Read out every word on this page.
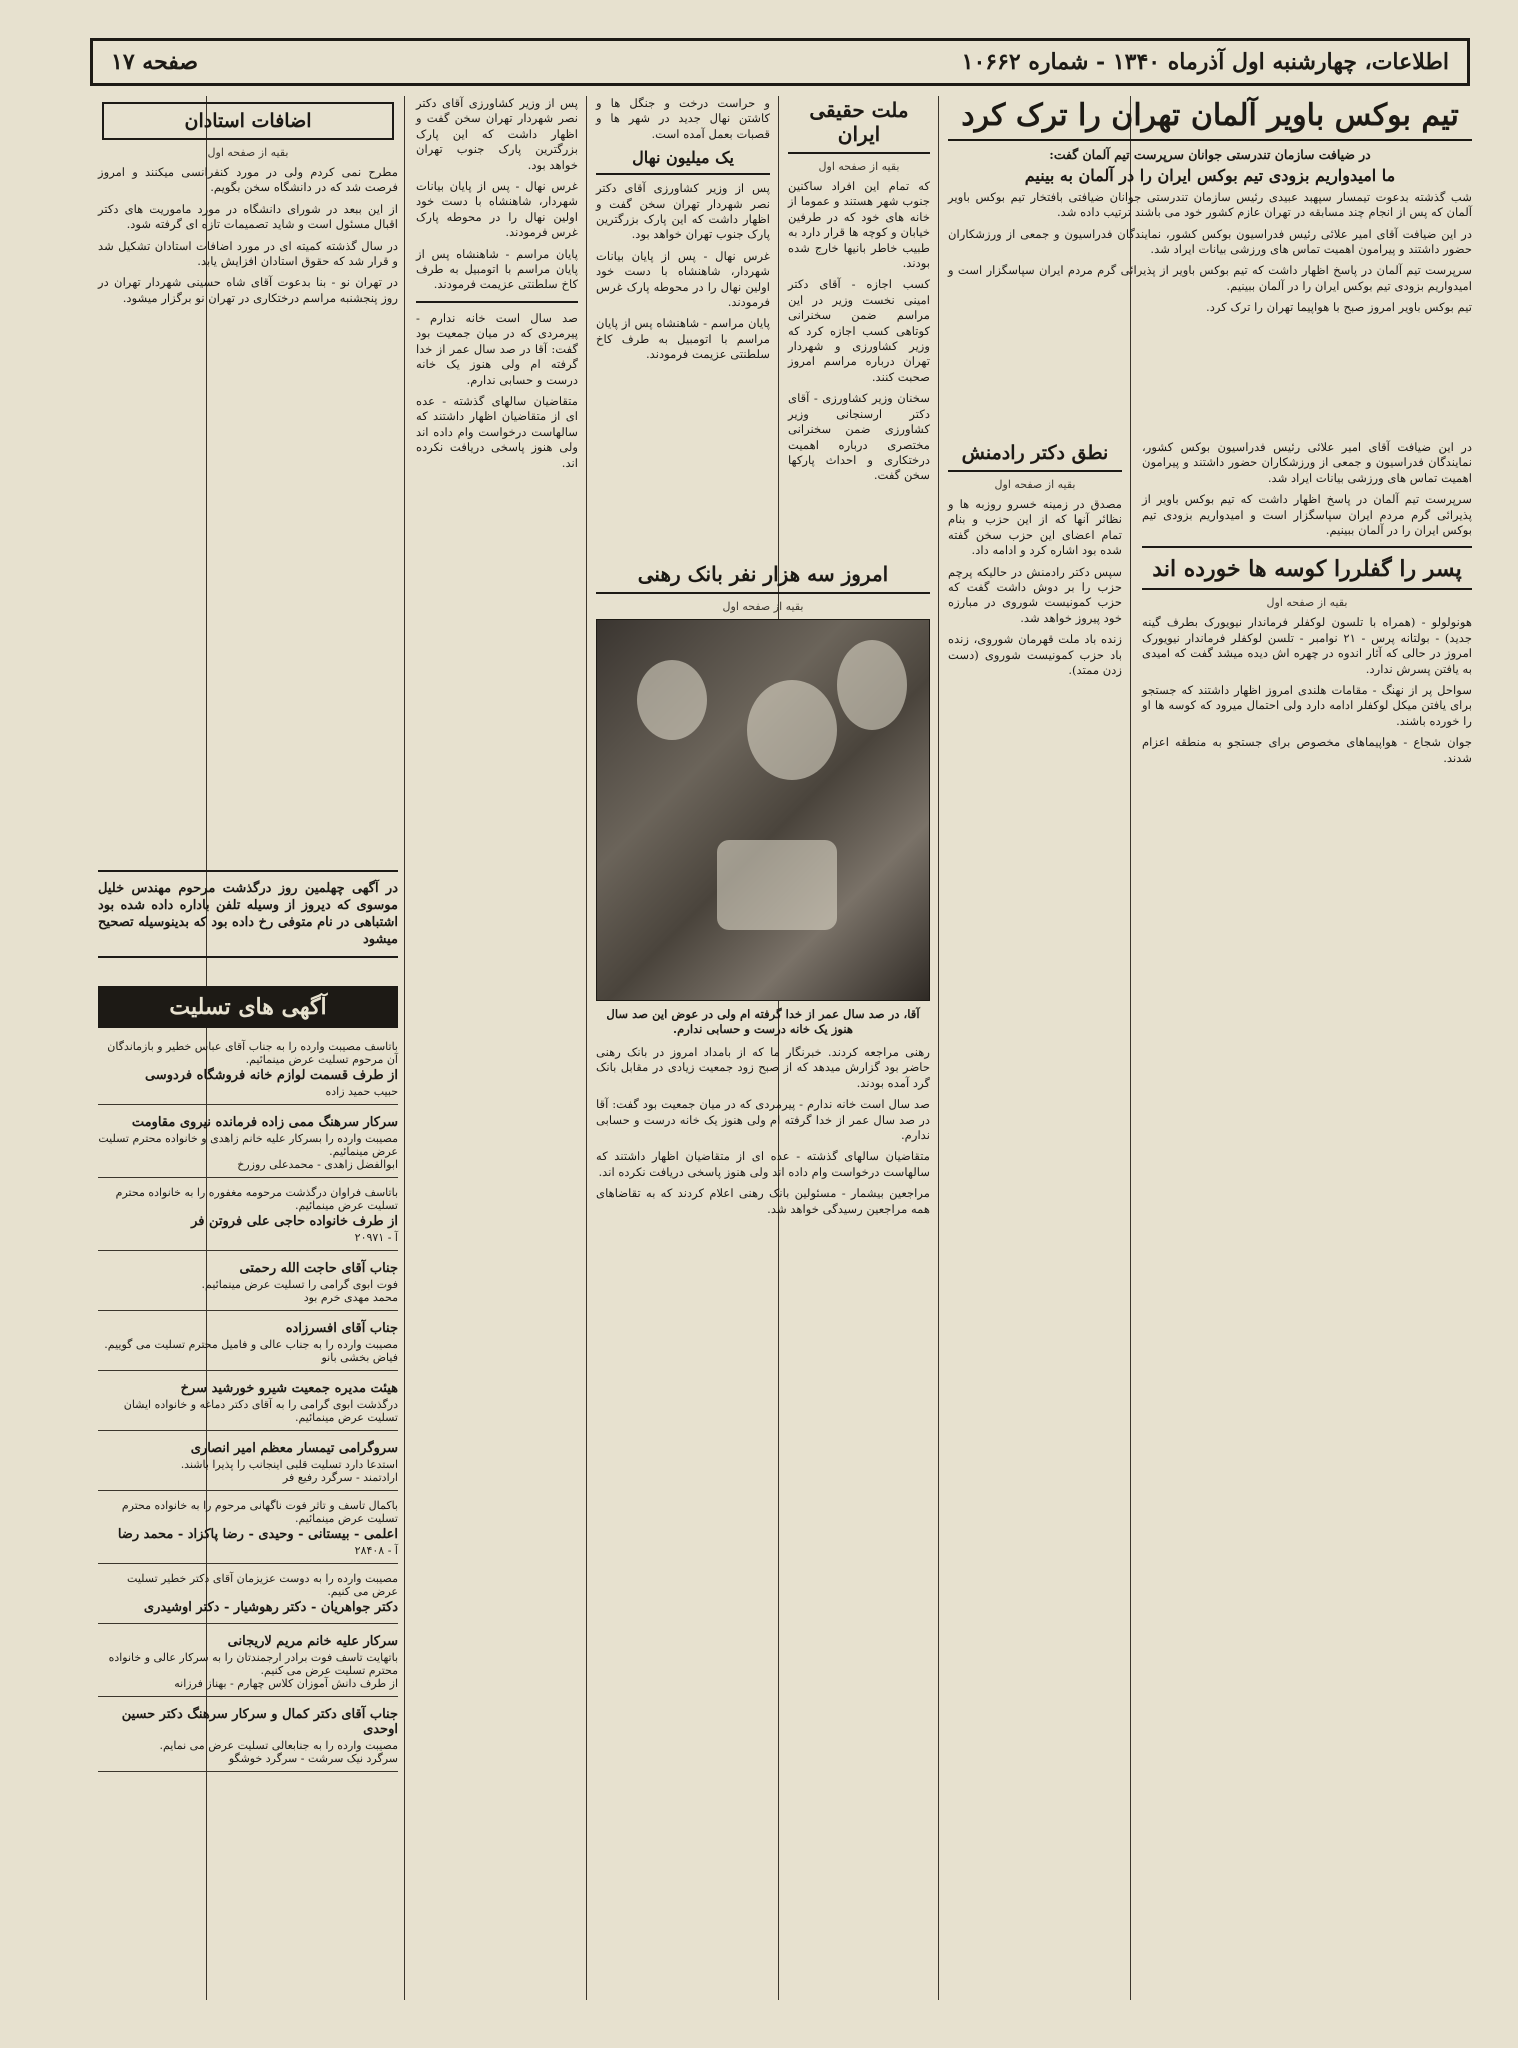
اطلاعات، چهارشنبه اول آذرماه ۱۳۴۰ - شماره ۱۰۶۶۲
صفحه ۱۷
تیم بوکس باویر آلمان تهران را ترک کرد

در ضیافت سازمان تندرستی جوانان سرپرست تیم آلمان گفت:

ما امیدواریم بزودی تیم بوکس ایران را در آلمان به بینیم

شب گذشته بدعوت تیمسار سپهبد عبیدی رئیس سازمان تندرستی جوانان ضیافتی بافتخار تیم بوکس باویر آلمان که پس از انجام چند مسابقه در تهران عازم کشور خود می باشند ترتیب داده شد.

در این ضیافت آقای امیر علائی رئیس فدراسیون بوکس کشور، نمایندگان فدراسیون و جمعی از ورزشکاران حضور داشتند و پیرامون اهمیت تماس های ورزشی بیانات ایراد شد.

سرپرست تیم آلمان در پاسخ اظهار داشت که تیم بوکس باویر از پذیرائی گرم مردم ایران سپاسگزار است و امیدواریم بزودی تیم بوکس ایران را در آلمان ببینیم.

تیم بوکس باویر امروز صبح با هواپیما تهران را ترک کرد.

در این ضیافت آقای امیر علائی رئیس فدراسیون بوکس کشور، نمایندگان فدراسیون و جمعی از ورزشکاران حضور داشتند و پیرامون اهمیت تماس های ورزشی بیانات ایراد شد.

سرپرست تیم آلمان در پاسخ اظهار داشت که تیم بوکس باویر از پذیرائی گرم مردم ایران سپاسگزار است و امیدواریم بزودی تیم بوکس ایران را در آلمان ببینیم.

پسر را گفلررا کوسه ها خورده اند
بقیه از صفحه اول

هونولولو - (همراه با تلسون لوکفلر فرماندار نیویورک بطرف گینه جدید) - بولتانه پرس - ۲۱ نوامبر - تلسن لوکفلر فرماندار نیویورک امروز در حالی که آثار اندوه در چهره اش دیده میشد گفت که امیدی به یافتن پسرش ندارد.

سواحل پر از نهنگ - مقامات هلندی امروز اظهار داشتند که جستجو برای یافتن میکل لوکفلر ادامه دارد ولی احتمال میرود که کوسه ها او را خورده باشند.

جوان شجاع - هواپیماهای مخصوص برای جستجو به منطقه اعزام شدند.

نطق دکتر رادمنش
بقیه از صفحه اول

مصدق در زمینه خسرو روزبه ها و نظائر آنها که از این حزب و بنام تمام اعضای این حزب سخن گفته شده بود اشاره کرد و ادامه داد.

سپس دکتر رادمنش در حالیکه پرچم حزب را بر دوش داشت گفت که حزب کمونیست شوروی در مبارزه خود پیروز خواهد شد.

زنده باد ملت قهرمان شوروی، زنده باد حزب کمونیست شوروی (دست زدن ممتد).

ملت حقیقی ایران
بقیه از صفحه اول

که تمام این افراد ساکنین جنوب شهر هستند و عموما از خانه های خود که در طرفین خیابان و کوچه ها قرار دارد به طبیب خاطر بانیها خارج شده بودند.

کسب اجازه - آقای دکتر امینی نخست وزیر در این مراسم ضمن سخنرانی کوتاهی کسب اجازه کرد که وزیر کشاورزی و شهردار تهران درباره مراسم امروز صحبت کنند.

سخنان وزیر کشاورزی - آقای دکتر ارسنجانی وزیر کشاورزی ضمن سخنرانی مختصری درباره اهمیت درختکاری و احداث پارکها سخن گفت.

و حراست درخت و جنگل ها و کاشتن نهال جدید در شهر ها و قصبات بعمل آمده است.

یک میلیون نهال

پس از وزیر کشاورزی آقای دکتر نصر شهردار تهران سخن گفت و اظهار داشت که این پارک بزرگترین پارک جنوب تهران خواهد بود.

غرس نهال - پس از پایان بیانات شهردار، شاهنشاه با دست خود اولین نهال را در محوطه پارک غرس فرمودند.

پایان مراسم - شاهنشاه پس از پایان مراسم با اتومبیل به طرف کاخ سلطنتی عزیمت فرمودند.

امروز سه هزار نفر بانک رهنی
بقیه از صفحه اول
آقا، در صد سال عمر از خدا گرفته ام ولی در عوض این صد سال هنوز یک خانه درست و حسابی ندارم.

رهنی مراجعه کردند. خبرنگار ما که از بامداد امروز در بانک رهنی حاضر بود گزارش میدهد که از صبح زود جمعیت زیادی در مقابل بانک گرد آمده بودند.

صد سال است خانه ندارم - پیرمردی که در میان جمعیت بود گفت: آقا در صد سال عمر از خدا گرفته ام ولی هنوز یک خانه درست و حسابی ندارم.

متقاضیان سالهای گذشته - عده ای از متقاضیان اظهار داشتند که سالهاست درخواست وام داده اند ولی هنوز پاسخی دریافت نکرده اند.

مراجعین بیشمار - مسئولین بانک رهنی اعلام کردند که به تقاضاهای همه مراجعین رسیدگی خواهد شد.

پس از وزیر کشاورزی آقای دکتر نصر شهردار تهران سخن گفت و اظهار داشت که این پارک بزرگترین پارک جنوب تهران خواهد بود.

غرس نهال - پس از پایان بیانات شهردار، شاهنشاه با دست خود اولین نهال را در محوطه پارک غرس فرمودند.

پایان مراسم - شاهنشاه پس از پایان مراسم با اتومبیل به طرف کاخ سلطنتی عزیمت فرمودند.

صد سال است خانه ندارم - پیرمردی که در میان جمعیت بود گفت: آقا در صد سال عمر از خدا گرفته ام ولی هنوز یک خانه درست و حسابی ندارم.

متقاضیان سالهای گذشته - عده ای از متقاضیان اظهار داشتند که سالهاست درخواست وام داده اند ولی هنوز پاسخی دریافت نکرده اند.

اضافات استادان
بقیه از صفحه اول

مطرح نمی کردم ولی در مورد کنفرانسی میکنند و امروز فرصت شد که در دانشگاه سخن بگویم.

از این ببعد در شورای دانشگاه در مورد ماموریت های دکتر اقبال مسئول است و شاید تصمیمات تازه ای گرفته شود.

در سال گذشته کمیته ای در مورد اضافات استادان تشکیل شد و قرار شد که حقوق استادان افزایش یابد.

در تهران نو - بنا بدعوت آقای شاه حسینی شهردار تهران در روز پنجشنبه مراسم درختکاری در تهران نو برگزار میشود.

در آگهی چهلمین روز درگذشت مرحوم مهندس خلیل موسوی که دیروز از وسیله تلفن باداره داده شده بود اشتباهی در نام متوفی رخ داده بود که بدینوسیله تصحیح میشود

آگهی های تسلیت
باتاسف مصیبت وارده را به جناب آقای عباس خطیر و بازماندگان آن مرحوم تسلیت عرض مینمائیم.
از طرف قسمت لوازم خانه فروشگاه فردوسی
حبیب حمید زاده
سرکار سرهنگ ممی زاده فرمانده نیروی مقاومت
مصیبت وارده را بسرکار علیه خانم زاهدی و خانواده محترم تسلیت عرض مینمائیم.
ابوالفضل زاهدی - محمدعلی روزرخ
باتاسف فراوان درگذشت مرحومه مغفوره را به خانواده محترم تسلیت عرض مینمائیم.
از طرف خانواده حاجی علی فروتن فر
آ - ۲۰۹۷۱
جناب آقای حاجت الله رحمتی
فوت ابوی گرامی را تسلیت عرض مینمائیم.
محمد مهدی خرم بود
جناب آقای افسرزاده
مصیبت وارده را به جناب عالی و فامیل محترم تسلیت می گوییم.
فیاض بخشی بانو
هیئت مدیره جمعیت شیرو خورشید سرخ
درگذشت ابوی گرامی را به آقای دکتر دماغه و خانواده ایشان تسلیت عرض مینمائیم.
سروگرامی تیمسار معظم امیر انصاری
استدعا دارد تسلیت قلبی اینجانب را پذیرا باشند.
ارادتمند - سرگرد رفیع فر
باکمال تاسف و تاثر فوت ناگهانی مرحوم را به خانواده محترم تسلیت عرض مینمائیم.
اعلمی - بیستانی - وحیدی - رضا پاکزاد - محمد رضا
آ - ۲۸۴۰۸
مصیبت وارده را به دوست عزیزمان آقای دکتر خطیر تسلیت عرض می کنیم.
دکتر جواهریان - دکتر رهوشیار - دکتر اوشیدری
سرکار علیه خانم مریم لاریجانی
باتهایت تاسف فوت برادر ارجمندتان را به سرکار عالی و خانواده محترم تسلیت عرض می کنیم.
از طرف دانش آموزان کلاس چهارم - بهناز فرزانه
جناب آقای دکتر کمال و سرکار سرهنگ دکتر حسین اوحدی
مصیبت وارده را به جنابعالی تسلیت عرض می نمایم.
سرگرد نیک سرشت - سرگرد خوشگو
